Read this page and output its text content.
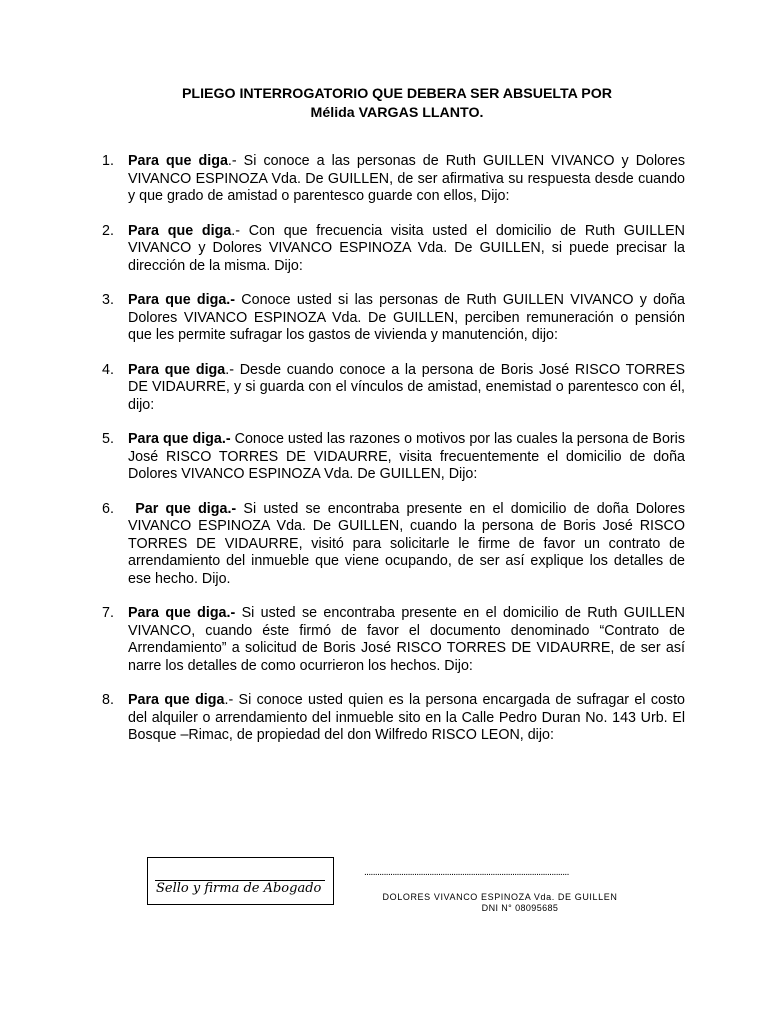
PLIEGO INTERROGATORIO QUE DEBERA SER ABSUELTA POR
Mélida VARGAS LLANTO.
1. Para que diga.- Si conoce a las personas de Ruth GUILLEN VIVANCO y Dolores VIVANCO ESPINOZA Vda. De GUILLEN, de ser afirmativa su respuesta desde cuando y que grado de amistad o parentesco guarde con ellos, Dijo:
2. Para que diga.- Con que frecuencia visita usted el domicilio de Ruth GUILLEN VIVANCO y Dolores VIVANCO ESPINOZA Vda. De GUILLEN, si puede precisar la dirección de la misma. Dijo:
3. Para que diga.- Conoce usted si las personas de Ruth GUILLEN VIVANCO y doña Dolores VIVANCO ESPINOZA Vda. De GUILLEN, perciben remuneración o pensión que les permite sufragar los gastos de vivienda y manutención, dijo:
4. Para que diga.- Desde cuando conoce a la persona de Boris José RISCO TORRES DE VIDAURRE, y si guarda con el vínculos de amistad, enemistad o parentesco con él, dijo:
5. Para que diga.- Conoce usted las razones o motivos por las cuales la persona de Boris José RISCO TORRES DE VIDAURRE, visita frecuentemente el domicilio de doña Dolores VIVANCO ESPINOZA Vda. De GUILLEN, Dijo:
6. Par que diga.- Si usted se encontraba presente en el domicilio de doña Dolores VIVANCO ESPINOZA Vda. De GUILLEN, cuando la persona de Boris José RISCO TORRES DE VIDAURRE, visitó para solicitarle le firme de favor un contrato de arrendamiento del inmueble que viene ocupando, de ser así explique los detalles de ese hecho. Dijo.
7. Para que diga.- Si usted se encontraba presente en el domicilio de Ruth GUILLEN VIVANCO, cuando éste firmó de favor el documento denominado “Contrato de Arrendamiento” a solicitud de Boris José RISCO TORRES DE VIDAURRE, de ser así narre los detalles de como ocurrieron los hechos. Dijo:
8. Para que diga.- Si conoce usted quien es la persona encargada de sufragar el costo del alquiler o arrendamiento del inmueble sito en la Calle Pedro Duran No. 143 Urb. El Bosque –Rimac, de propiedad del don Wilfredo RISCO LEON, dijo:
Sello y firma de Abogado
..............................................................................................
DOLORES VIVANCO ESPINOZA Vda. DE GUILLEN
DNI N° 08095685
